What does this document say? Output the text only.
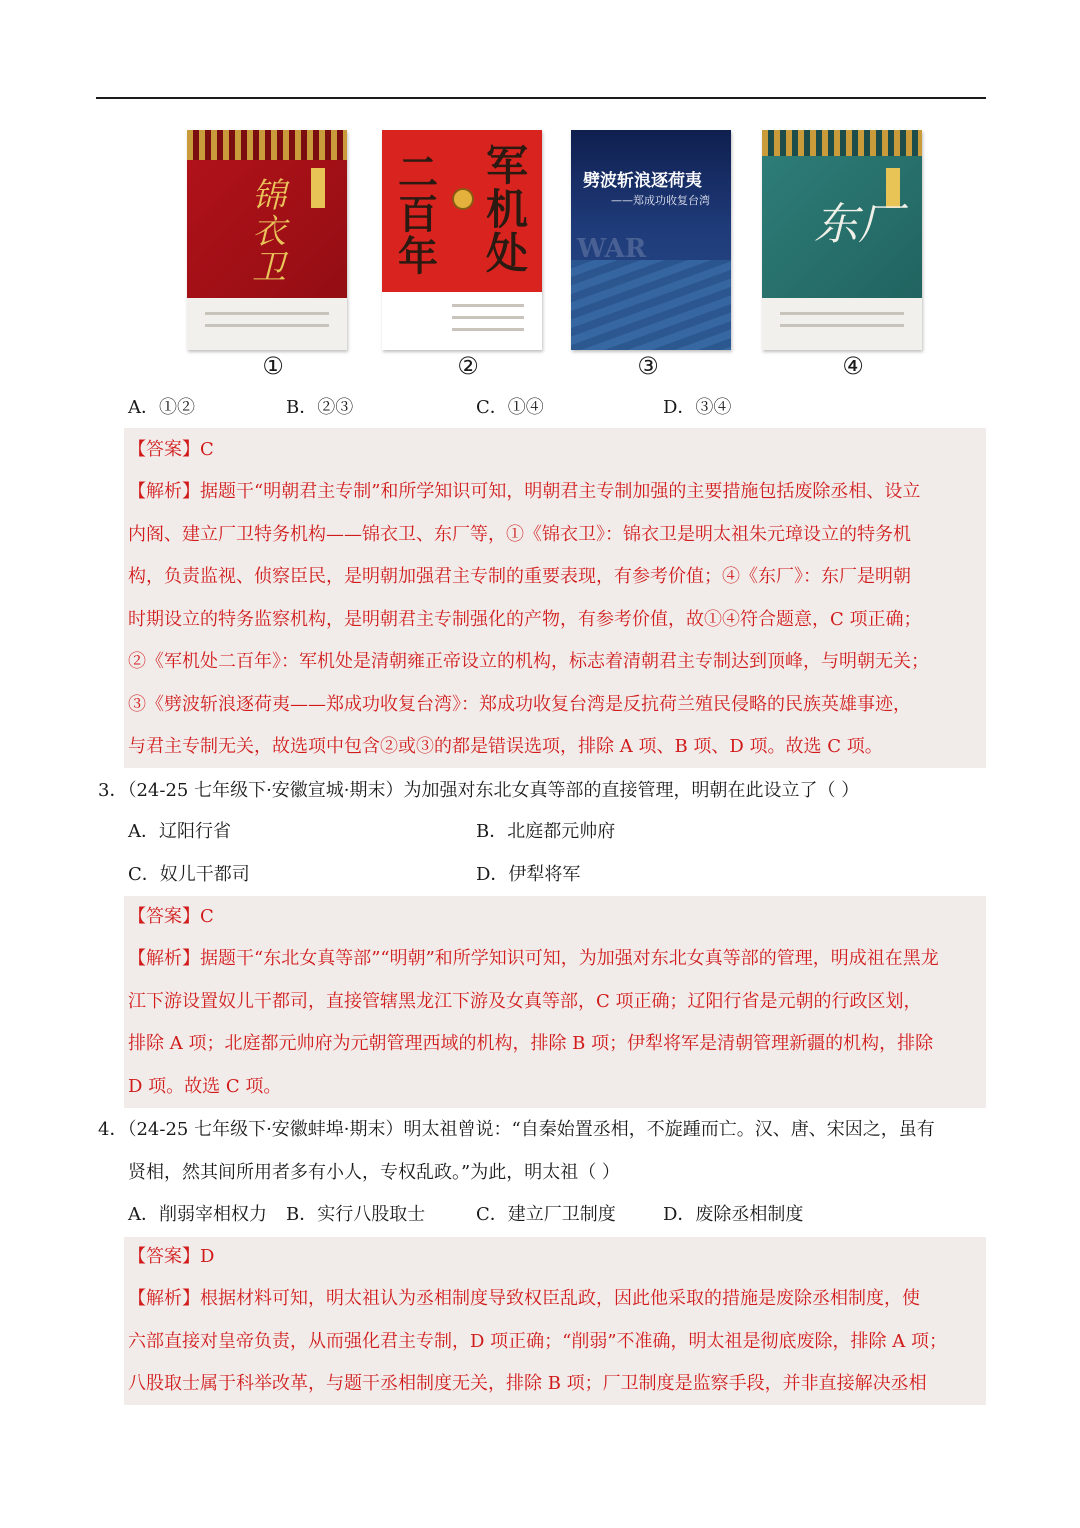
锦衣卫
二百年
军机处 WAR
劈波斩浪逐荷夷
——郑成功收复台湾 东厂
①	②	③	④
A．①②	B．②③	C．①④	D．③④
【答案】C
【解析】据题干“明朝君主专制”和所学知识可知，明朝君主专制加强的主要措施包括废除丞相、设立
内阁、建立厂卫特务机构——锦衣卫、东厂等，①《锦衣卫》：锦衣卫是明太祖朱元璋设立的特务机
构，负责监视、侦察臣民，是明朝加强君主专制的重要表现，有参考价值；④《东厂》：东厂是明朝
时期设立的特务监察机构，是明朝君主专制强化的产物，有参考价值，故①④符合题意，C 项正确；
②《军机处二百年》：军机处是清朝雍正帝设立的机构，标志着清朝君主专制达到顶峰，与明朝无关；
③《劈波斩浪逐荷夷——郑成功收复台湾》：郑成功收复台湾是反抗荷兰殖民侵略的民族英雄事迹，
与君主专制无关，故选项中包含②或③的都是错误选项，排除 A 项、B 项、D 项。故选 C 项。
3．（24-25 七年级下·安徽宣城·期末）为加强对东北女真等部的直接管理，明朝在此设立了（ ）
A．辽阳行省	B．北庭都元帅府
C．奴儿干都司	D．伊犁将军
【答案】C
【解析】据题干“东北女真等部”“明朝”和所学知识可知，为加强对东北女真等部的管理，明成祖在黑龙
江下游设置奴儿干都司，直接管辖黑龙江下游及女真等部，C 项正确；辽阳行省是元朝的行政区划，
排除 A 项；北庭都元帅府为元朝管理西域的机构，排除 B 项；伊犁将军是清朝管理新疆的机构，排除
D 项。故选 C 项。
4．（24-25 七年级下·安徽蚌埠·期末）明太祖曾说：“自秦始置丞相，不旋踵而亡。汉、唐、宋因之，虽有
贤相，然其间所用者多有小人，专权乱政。”为此，明太祖（ ）
A．削弱宰相权力 B．实行八股取士	C．建立厂卫制度	D．废除丞相制度
【答案】D
【解析】根据材料可知，明太祖认为丞相制度导致权臣乱政，因此他采取的措施是废除丞相制度，使
六部直接对皇帝负责，从而强化君主专制，D 项正确；“削弱”不准确，明太祖是彻底废除，排除 A 项；
八股取士属于科举改革，与题干丞相制度无关，排除 B 项；厂卫制度是监察手段，并非直接解决丞相
